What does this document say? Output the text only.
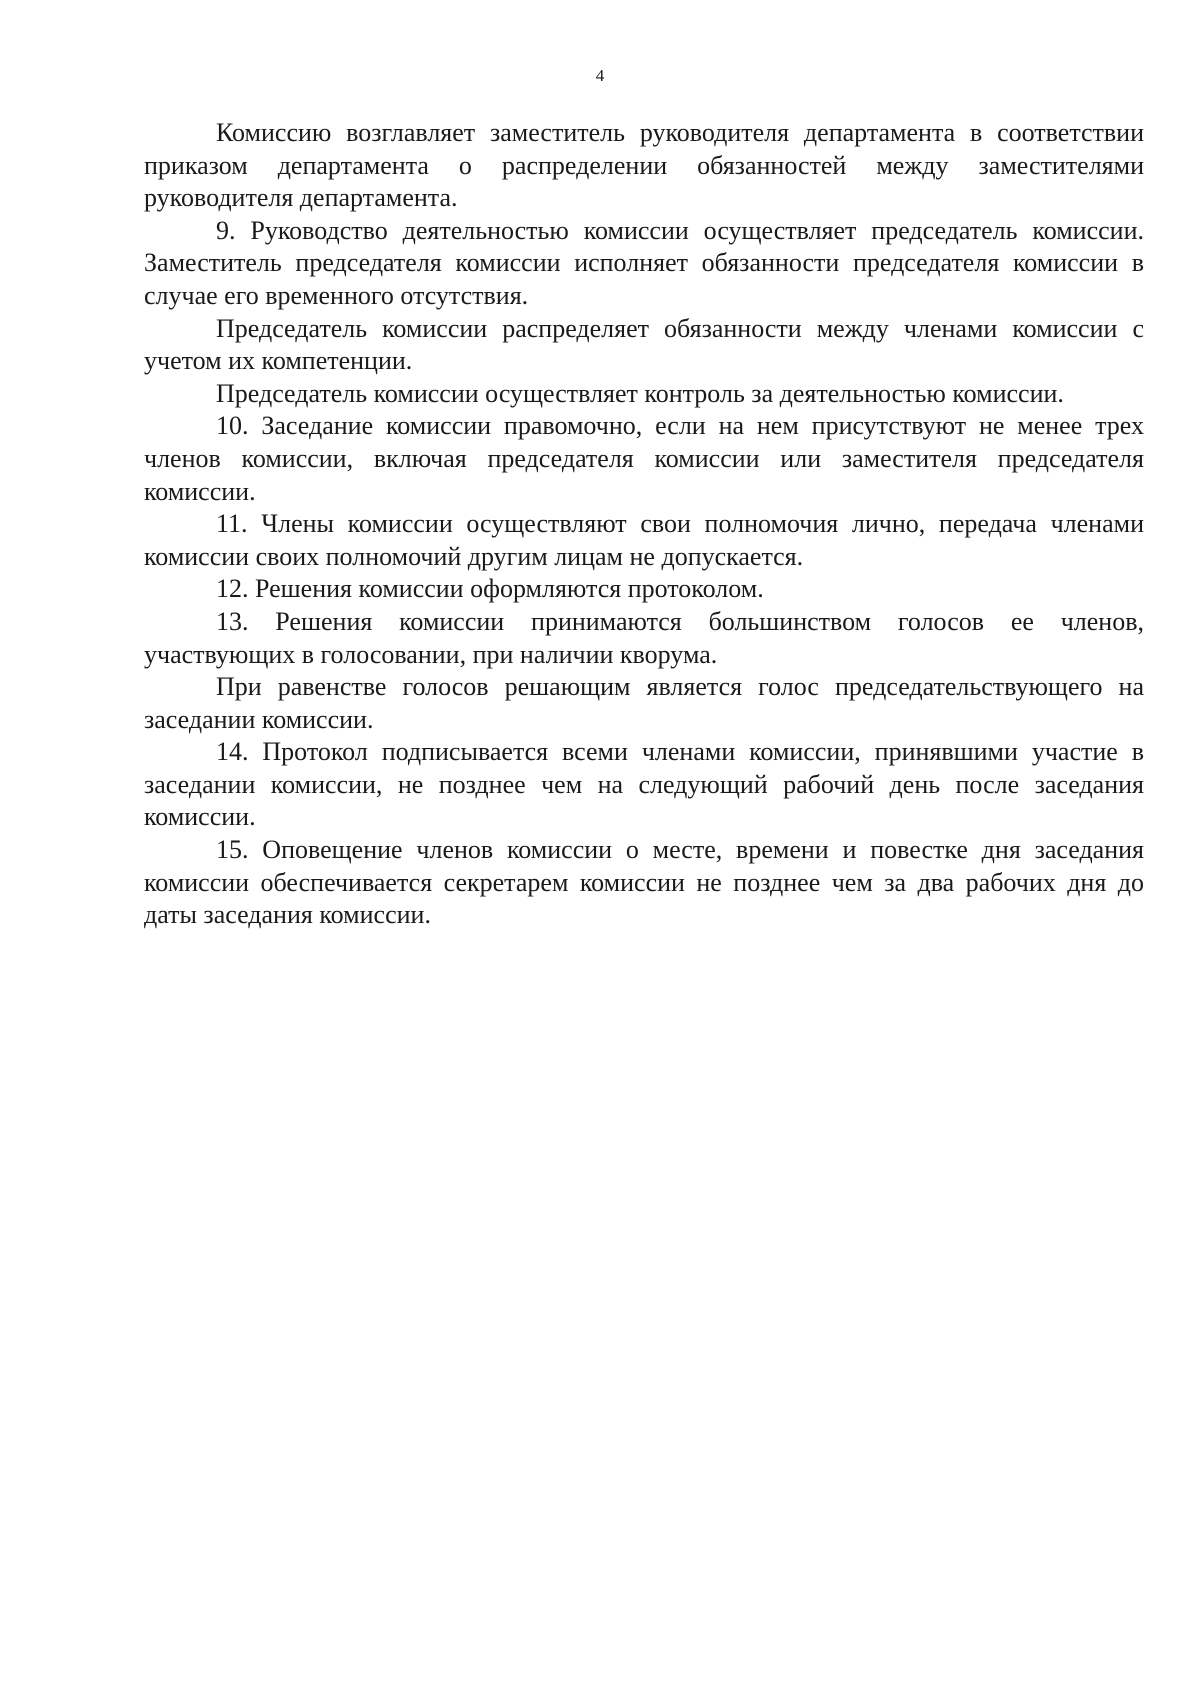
4

Комиссию возглавляет заместитель руководителя департамента в соответствии приказом департамента о распределении обязанностей между заместителями руководителя департамента.

9. Руководство деятельностью комиссии осуществляет председатель комиссии. Заместитель председателя комиссии исполняет обязанности председателя комиссии в случае его временного отсутствия.

Председатель комиссии распределяет обязанности между членами комиссии с учетом их компетенции.

Председатель комиссии осуществляет контроль за деятельностью комиссии.

10. Заседание комиссии правомочно, если на нем присутствуют не менее трех членов комиссии, включая председателя комиссии или заместителя председателя комиссии.

11. Члены комиссии осуществляют свои полномочия лично, передача членами комиссии своих полномочий другим лицам не допускается.

12. Решения комиссии оформляются протоколом.

13. Решения комиссии принимаются большинством голосов ее членов, участвующих в голосовании, при наличии кворума.

При равенстве голосов решающим является голос председательствующего на заседании комиссии.

14. Протокол подписывается всеми членами комиссии, принявшими участие в заседании комиссии, не позднее чем на следующий рабочий день после заседания комиссии.

15. Оповещение членов комиссии о месте, времени и повестке дня заседания комиссии обеспечивается секретарем комиссии не позднее чем за два рабочих дня до даты заседания комиссии.
